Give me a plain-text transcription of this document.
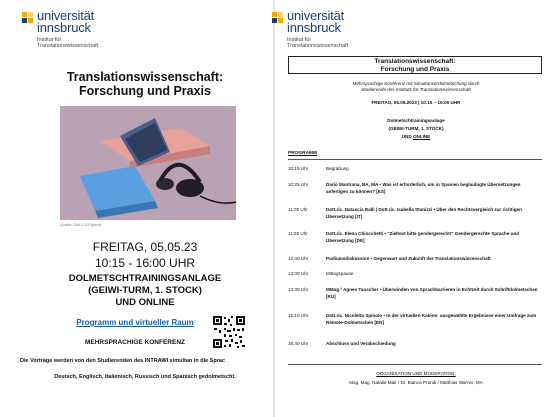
universität
innsbruck
Institut für
Translationswissenschaft
Translationswissenschaft:
Forschung und Praxis
Quelle: DALL·E/Openh
FREITAG, 05.05.23
10:15 - 16:00 UHR
DOLMETSCHTRAININGSANLAGE
(GEIWI-TURM, 1. STOCK)
UND ONLINE
Programm und virtueller Raum
MEHRSPRACHIGE KONFERENZ
Die Vorträge werden von den Studierenden des INTRAWI simultan in die Sprac
Deutsch, Englisch, Italienisch, Russisch und Spanisch gedolmetscht.
universität
innsbruck
Institut für
Translationswissenschaft
Translationswissenschaft:
Forschung und Praxis
Mehrsprachige Konferenz mit Simultanverdolmetschung durch
Studierende des Instituts für Translationswissenschaft
FREITAG, 05.05.2023 | 10:15 – 16:00 UHR
Dolmetschtrainingsanlage
(GEIWI-TURM, 1. STOCK)
UND ONLINE
PROGRAMM
10:15 Uhr	Begrüßung
10:25 Uhr	Dario Mantrana, BA, MA • Was ist erforderlich, um in Spanien beglaubigte Übersetzungen anfertigen zu können? [ES]
11:00 Uhr	Dott.ric. Natascia Ralli | Dott.ric. Isabella Stanizzi • Über den Rechtsvergleich zur richtigen Übersetzung [IT]
11:50 Uhr	Dott.ric. Elena Chiocchetti • "Zieltext bitte gendergerecht!" Gendergerechte Sprache und Übersetzung [DE]
12:40 Uhr	Podiumsdiskussion • Gegenwart und Zukunft der Translationswissenschaft
13:00 Uhr	Mittagspause
14:30 Uhr	MMag.ª Agnes Tauscher • Überwinden von Sprachbarrieren in Echtzeit durch Schriftdolmetschen [RU]
15:10 Uhr	Dott.ric. Nicoletta Spinolo • In der virtuellen Kabine: ausgewählte Ergebnisse einer Umfrage zum Remote-Dolmetschen [EN]
15:40 Uhr	Abschluss und Verabschiedung
ORGANISATION UND MODERATION:
Mag. Mag. Natalie Mair / Dr. Bianca Prandi / Matthias Warner, MA
